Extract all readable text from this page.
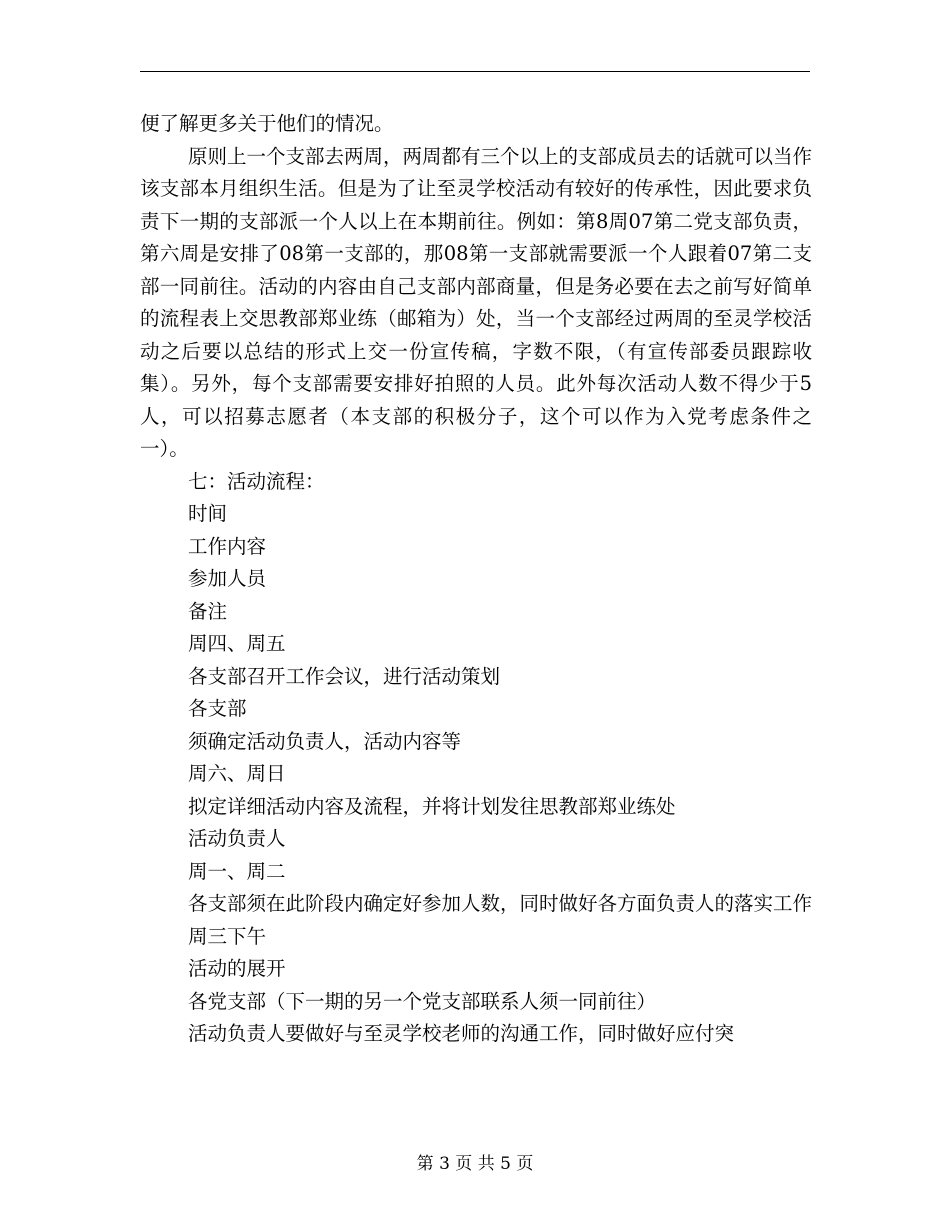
便了解更多关于他们的情况。

原则上一个支部去两周，两周都有三个以上的支部成员去的话就可以当作该支部本月组织生活。但是为了让至灵学校活动有较好的传承性，因此要求负责下一期的支部派一个人以上在本期前往。例如：第8周07第二党支部负责，第六周是安排了08第一支部的，那08第一支部就需要派一个人跟着07第二支部一同前往。活动的内容由自己支部内部商量，但是务必要在去之前写好简单的流程表上交思教部郑业练（邮箱为）处，当一个支部经过两周的至灵学校活动之后要以总结的形式上交一份宣传稿，字数不限，（有宣传部委员跟踪收集）。另外，每个支部需要安排好拍照的人员。此外每次活动人数不得少于5人，可以招募志愿者（本支部的积极分子，这个可以作为入党考虑条件之一）。

七：活动流程：

时间

工作内容

参加人员

备注

周四、周五

各支部召开工作会议，进行活动策划

各支部

须确定活动负责人，活动内容等

周六、周日

拟定详细活动内容及流程，并将计划发往思教部郑业练处

活动负责人

周一、周二

各支部须在此阶段内确定好参加人数，同时做好各方面负责人的落实工作

周三下午

活动的展开

各党支部（下一期的另一个党支部联系人须一同前往）

活动负责人要做好与至灵学校老师的沟通工作，同时做好应付突

第 3 页 共 5 页
